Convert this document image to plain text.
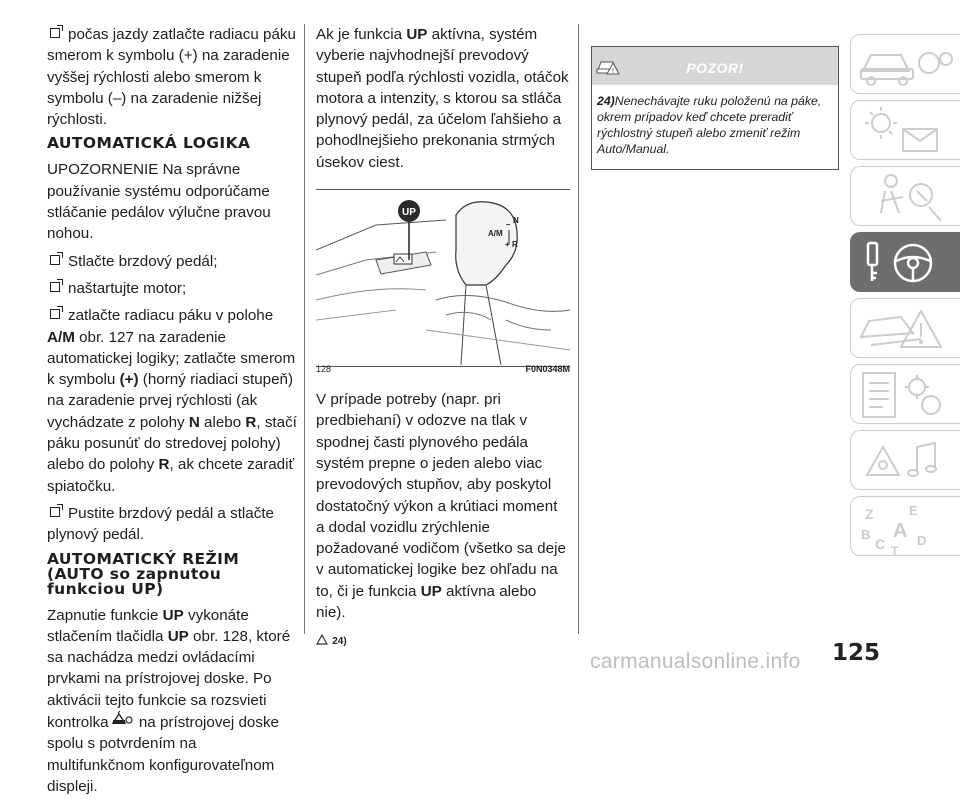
počas jazdy zatlačte radiacu páku smerom k symbolu (+) na zaradenie vyššej rýchlosti alebo smerom k symbolu (–) na zaradenie nižšej rýchlosti.

AUTOMATICKÁ LOGIKA

UPOZORNENIE Na správne používanie systému odporúčame stláčanie pedálov výlučne pravou nohou.

Stlačte brzdový pedál;

naštartujte motor;

zatlačte radiacu páku v polohe A/M obr. 127 na zaradenie automatickej logiky; zatlačte smerom k symbolu (+) (horný riadiaci stupeň) na zaradenie prvej rýchlosti (ak vychádzate z polohy N alebo R, stačí páku posunúť do stredovej polohy) alebo do polohy R, ak chcete zaradiť spiatočku.

Pustite brzdový pedál a stlačte plynový pedál.

AUTOMATICKÝ REŽIM (AUTO so zapnutou funkciou UP)

Zapnutie funkcie UP vykonáte stlačením tlačidla UP obr. 128, ktoré sa nachádza medzi ovládacími prvkami na prístrojovej doske. Po aktivácii tejto funkcie sa rozsvieti kontrolka na prístrojovej doske spolu s potvrdením na multifunkčnom konfigurovateľnom displeji.

Ak je funkcia UP aktívna, systém vyberie najvhodnejší prevodový stupeň podľa rýchlosti vozidla, otáčok motora a intenzity, s ktorou sa stláča plynový pedál, za účelom ľahšieho a pohodlnejšieho prekonania strmých úsekov ciest.

UP
N
A/M
–
+ R
128	F0N0348M

V prípade potreby (napr. pri predbiehaní) v odozve na tlak v spodnej časti plynového pedála systém prepne o jeden alebo viac prevodových stupňov, aby poskytol dostatočný výkon a krútiaci moment a dodal vozidlu zrýchlenie požadované vodičom (všetko sa deje v automatickej logike bez ohľadu na to, či je funkcia UP aktívna alebo nie).

24)
!	POZOR!
24)Nenechávajte ruku položenú na páke, okrem prípadov keď chcete preradiť rýchlostný stupeň alebo zmeniť režim Auto/Manual.
Z	E
B A
C D
T
125
carmanualsonline.info
